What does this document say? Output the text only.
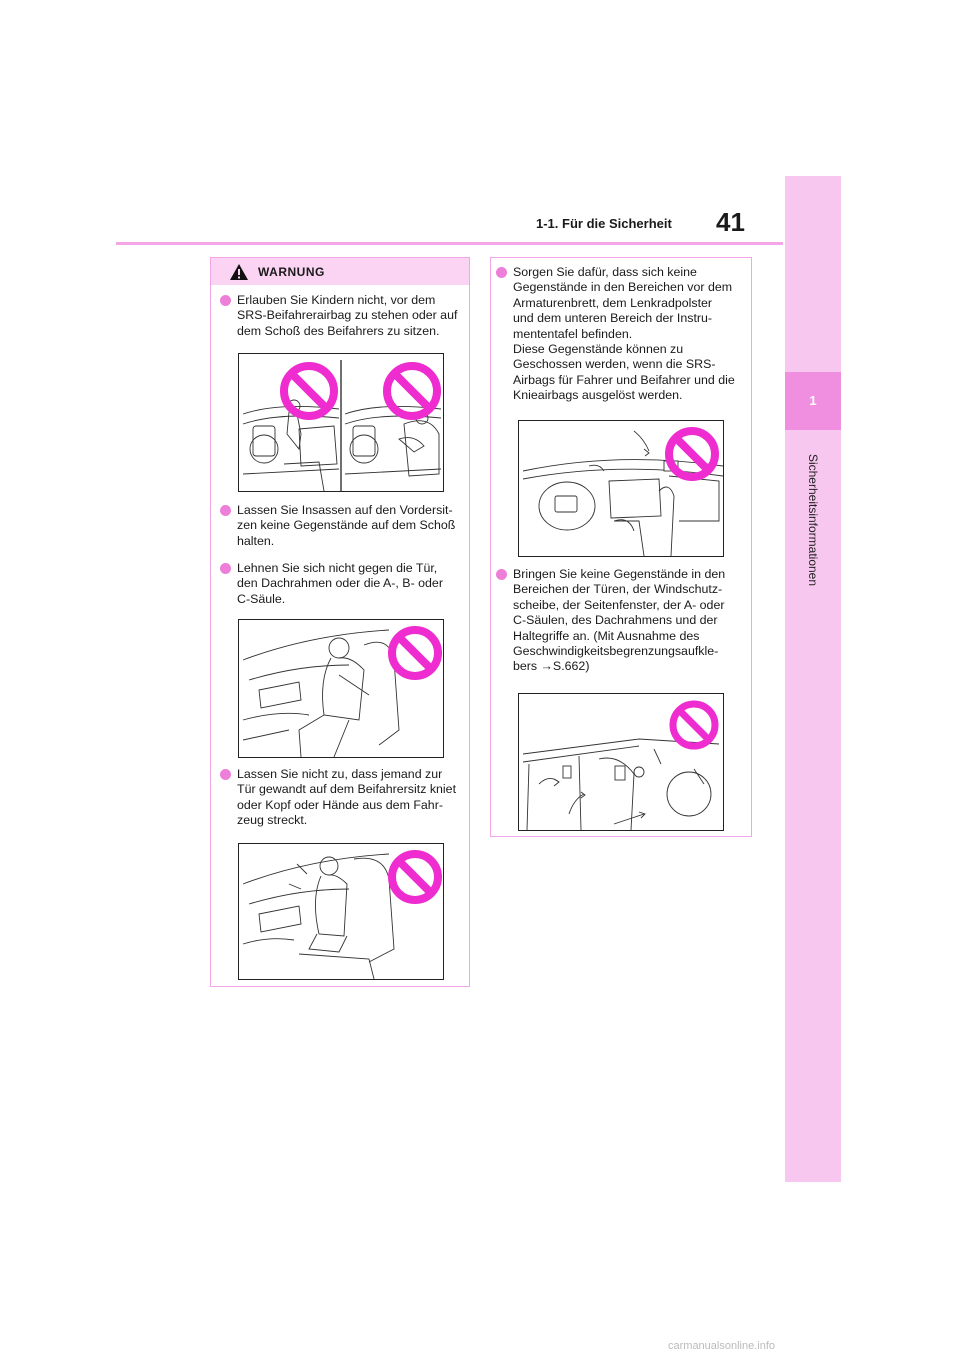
1-1. Für die Sicherheit 41
1
Sicherheitsinformationen
WARNUNG
Erlauben Sie Kindern nicht, vor dem
SRS-Beifahrerairbag zu stehen oder auf
dem Schoß des Beifahrers zu sitzen.
Lassen Sie Insassen auf den Vordersit-
zen keine Gegenstände auf dem Schoß
halten.
Lehnen Sie sich nicht gegen die Tür,
den Dachrahmen oder die A-, B- oder
C-Säule.
Lassen Sie nicht zu, dass jemand zur
Tür gewandt auf dem Beifahrersitz kniet
oder Kopf oder Hände aus dem Fahr-
zeug streckt.
Sorgen Sie dafür, dass sich keine
Gegenstände in den Bereichen vor dem
Armaturenbrett, dem Lenkradpolster
und dem unteren Bereich der Instru-
mententafel befinden.
Diese Gegenstände können zu
Geschossen werden, wenn die SRS-
Airbags für Fahrer und Beifahrer und die
Knieairbags ausgelöst werden.
Bringen Sie keine Gegenstände in den
Bereichen der Türen, der Windschutz-
scheibe, der Seitenfenster, der A- oder
C-Säulen, des Dachrahmens und der
Haltegriffe an. (Mit Ausnahme des
Geschwindigkeitsbegrenzungsaufkle-
bers →S.662)
carmanualsonline.info
